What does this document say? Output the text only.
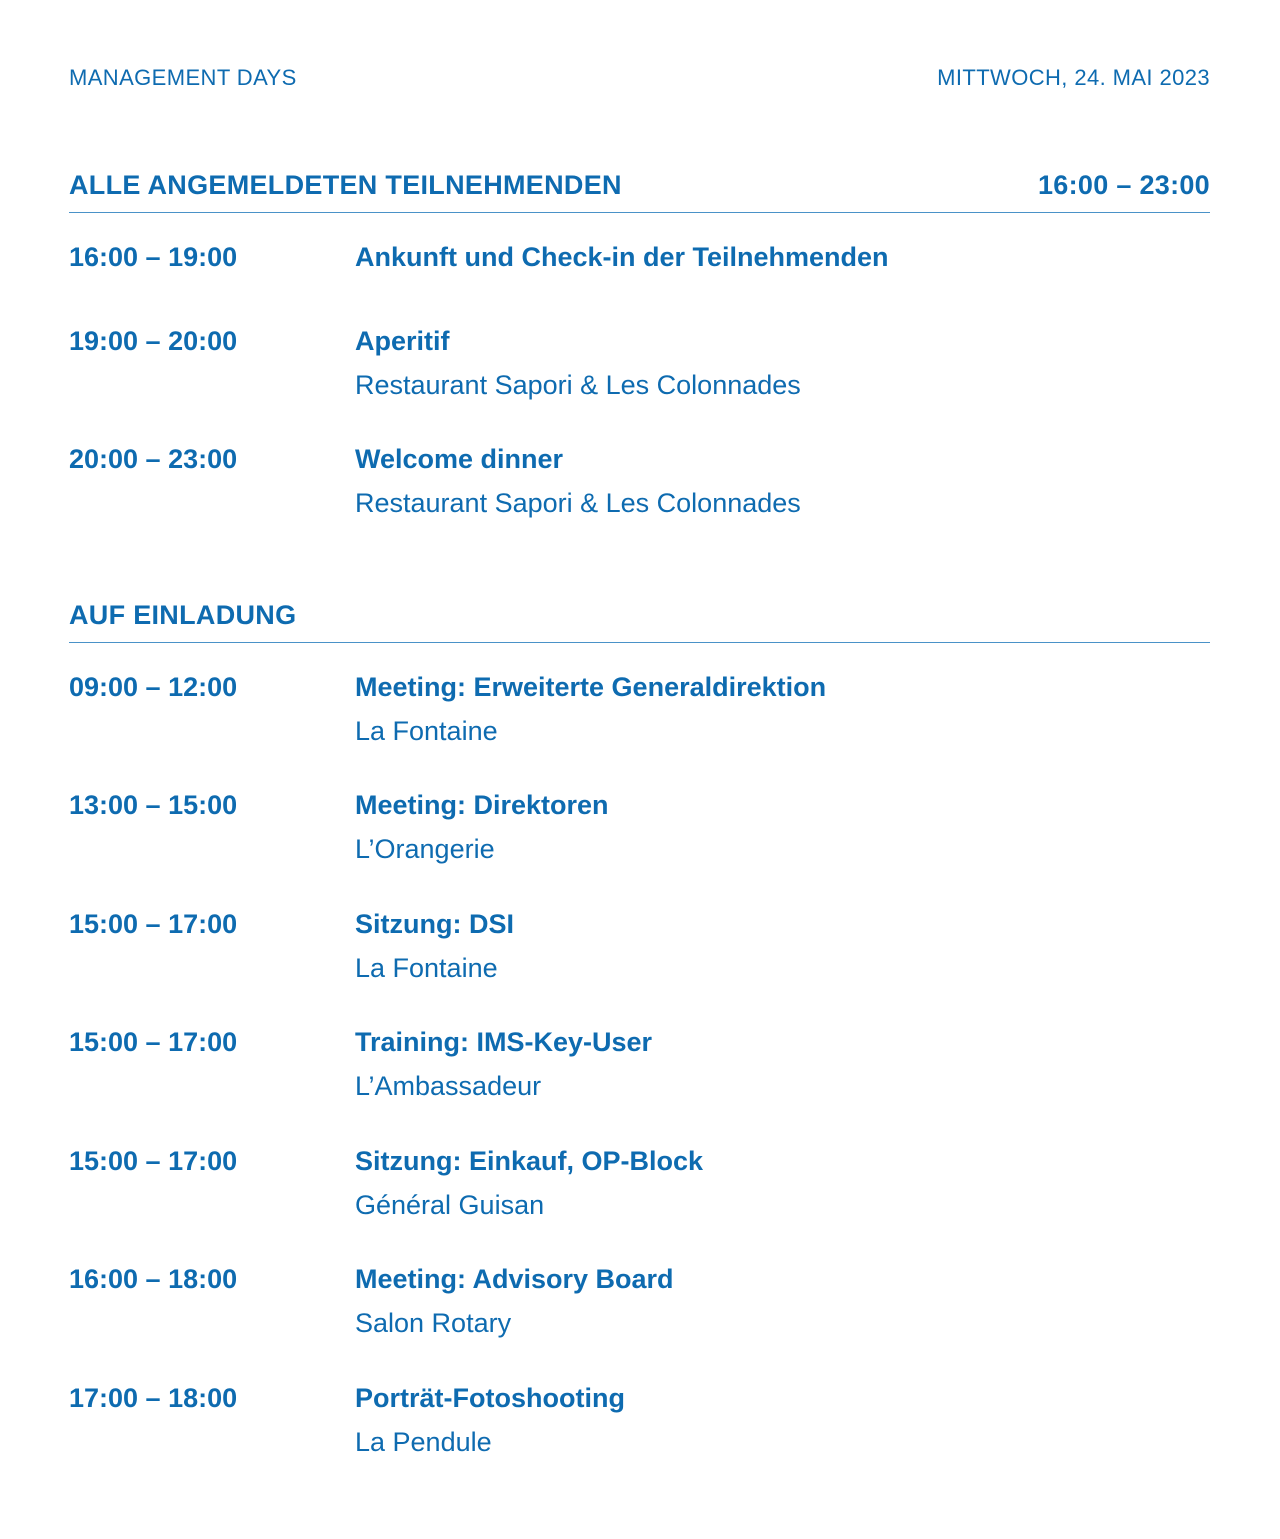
MANAGEMENT DAYS	MITTWOCH, 24. MAI 2023
ALLE ANGEMELDETEN TEILNEHMENDEN	16:00 – 23:00
16:00 – 19:00	Ankunft und Check-in der Teilnehmenden
19:00 – 20:00	Aperitif
Restaurant Sapori & Les Colonnades
20:00 – 23:00	Welcome dinner
Restaurant Sapori & Les Colonnades
AUF EINLADUNG
09:00 – 12:00	Meeting: Erweiterte Generaldirektion
La Fontaine
13:00 – 15:00	Meeting: Direktoren
L’Orangerie
15:00 – 17:00	Sitzung: DSI
La Fontaine
15:00 – 17:00	Training: IMS-Key-User
L’Ambassadeur
15:00 – 17:00	Sitzung: Einkauf, OP-Block
Général Guisan
16:00 – 18:00	Meeting: Advisory Board
Salon Rotary
17:00 – 18:00	Porträt-Fotoshooting
La Pendule
